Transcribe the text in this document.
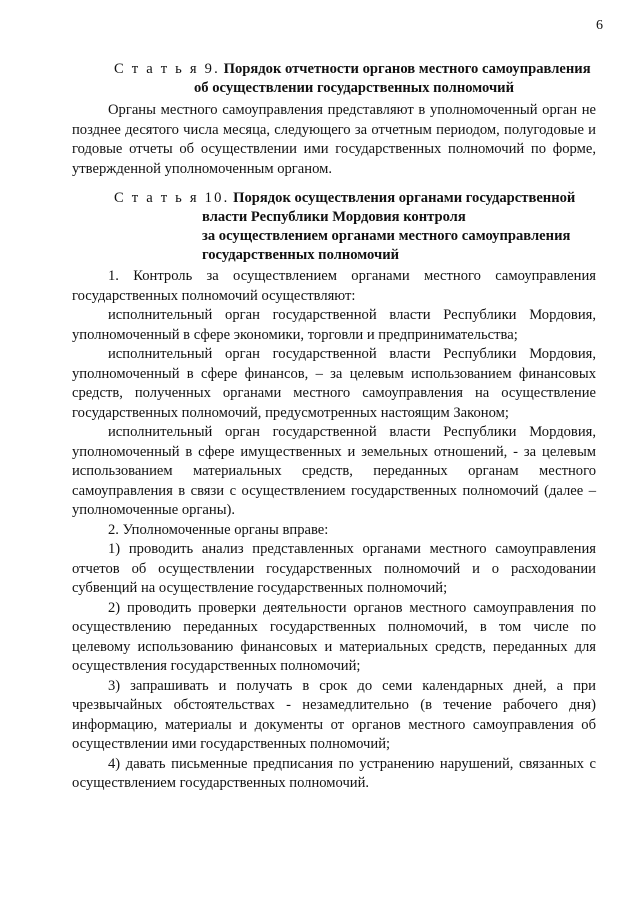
6
С т а т ь я 9. Порядок отчетности органов местного самоуправления
об осуществлении государственных полномочий

Органы местного самоуправления представляют в уполномоченный орган не позднее десятого числа месяца, следующего за отчетным периодом, полугодовые и годовые отчеты об осуществлении ими государственных полномочий по форме, утвержденной уполномоченным органом.

С т а т ь я 10. Порядок осуществления органами государственной
власти Республики Мордовия контроля
за осуществлением органами местного самоуправления
государственных полномочий

1. Контроль за осуществлением органами местного самоуправления государственных полномочий осуществляют:

исполнительный орган государственной власти Республики Мордовия, уполномоченный в сфере экономики, торговли и предпринимательства;

исполнительный орган государственной власти Республики Мордовия, уполномоченный в сфере финансов, – за целевым использованием финансовых средств, полученных органами местного самоуправления на осуществление государственных полномочий, предусмотренных настоящим Законом;

исполнительный орган государственной власти Республики Мордовия, уполномоченный в сфере имущественных и земельных отношений, - за целевым использованием материальных средств, переданных органам местного самоуправления в связи с осуществлением государственных полномочий (далее – уполномоченные органы).

2. Уполномоченные органы вправе:

1) проводить анализ представленных органами местного самоуправления отчетов об осуществлении государственных полномочий и о расходовании субвенций на осуществление государственных полномочий;

2) проводить проверки деятельности органов местного самоуправления по осуществлению переданных государственных полномочий, в том числе по целевому использованию финансовых и материальных средств, переданных для осуществления государственных полномочий;

3) запрашивать и получать в срок до семи календарных дней, а при чрезвычайных обстоятельствах - незамедлительно (в течение рабочего дня) информацию, материалы и документы от органов местного самоуправления об осуществлении ими государственных полномочий;

4) давать письменные предписания по устранению нарушений, связанных с осуществлением государственных полномочий.
